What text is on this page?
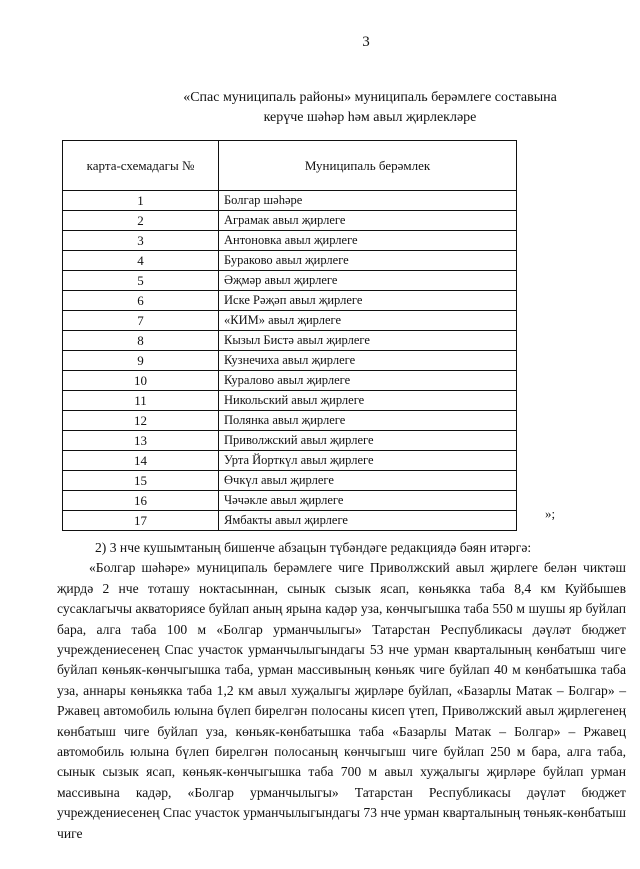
3
«Спас муниципаль районы» муниципаль берәмлеге составына
керүче шәһәр һәм авыл җирлекләре
карта-схемадагы №	Муниципаль берәмлек
1	Болгар шәһәре
2	Аграмак авыл җирлеге
3	Антоновка авыл җирлеге
4	Бураково авыл җирлеге
5	Әҗмәр авыл җирлеге
6	Иске Рәҗәп авыл җирлеге
7	«КИМ» авыл җирлеге
8	Кызыл Бистә авыл җирлеге
9	Кузнечиха авыл җирлеге
10	Куралово авыл җирлеге
11	Никольский авыл җирлеге
12	Полянка авыл җирлеге
13	Приволжский авыл җирлеге
14	Урта Йорткүл авыл җирлеге
15	Өчкүл авыл җирлеге
16	Чәчәкле авыл җирлеге
17	Ямбакты авыл җирлеге	»;

2) 3 нче кушымтаның бишенче абзацын түбәндәге редакциядә бәян итәргә:

«Болгар шәһәре» муниципаль берәмлеге чиге Приволжский авыл җирлеге белән чиктәш җирдә 2 нче тоташу ноктасыннан, сынык сызык ясап, көньякка таба 8,4 км Куйбышев сусаклагычы акваториясе буйлап аның ярына кадәр уза, көнчыгышка таба 550 м шушы яр буйлап бара, алга таба 100 м «Болгар урманчылыгы» Татарстан Республикасы дәүләт бюджет учреждениесенең Спас участок урманчылыгындагы 53 нче урман кварталының көнбатыш чиге буйлап көньяк-көнчыгышка таба, урман массивының көньяк чиге буйлап 40 м көнбатышка таба уза, аннары көньякка таба 1,2 км авыл хуҗалыгы җирләре буйлап, «Базарлы Матак – Болгар» – Ржавец автомобиль юлына бүлеп бирелгән полосаны кисеп үтеп, Приволжский авыл җирлегенең көнбатыш чиге буйлап уза, көньяк-көнбатышка таба «Базарлы Матак – Болгар» – Ржавец автомобиль юлына бүлеп бирелгән полосаның көнчыгыш чиге буйлап 250 м бара, алга таба, сынык сызык ясап, көньяк-көнчыгышка таба 700 м авыл хуҗалыгы җирләре буйлап урман массивына кадәр, «Болгар урманчылыгы» Татарстан Республикасы дәүләт бюджет учреждениесенең Спас участок урманчылыгындагы 73 нче урман кварталының төньяк-көнбатыш чиге
